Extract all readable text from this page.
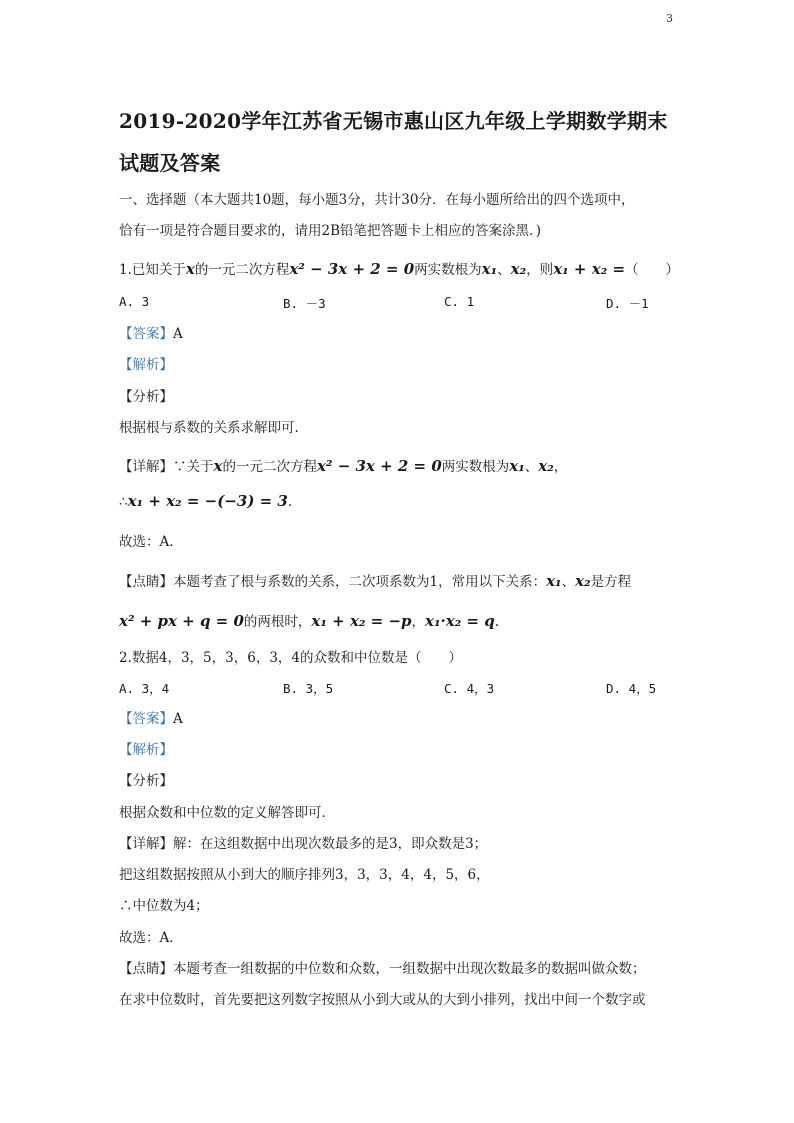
3
2019-2020学年江苏省无锡市惠山区九年级上学期数学期末试题及答案
一、选择题（本大题共10题，每小题3分，共计30分．在每小题所给出的四个选项中，
恰有一项是符合题目要求的，请用2B铅笔把答题卡上相应的答案涂黑．)
1.已知关于x的一元二次方程x² − 3x + 2 = 0两实数根为x₁、x₂，则x₁ + x₂ =（　　）
A. 3	B. －3	C. 1	D. －1
【答案】A
【解析】
【分析】
根据根与系数的关系求解即可.
【详解】∵关于x的一元二次方程x² − 3x + 2 = 0两实数根为x₁、x₂，
∴x₁ + x₂ = −(−3) = 3.
故选：A.
【点睛】本题考查了根与系数的关系，二次项系数为1，常用以下关系：x₁、x₂是方程
x² + px + q = 0的两根时，x₁ + x₂ = −p，x₁·x₂ = q.
2.数据4，3，5，3，6，3，4的众数和中位数是（　　）
A. 3，4	B. 3，5	C. 4，3	D. 4，5
【答案】A
【解析】
【分析】
根据众数和中位数的定义解答即可．
【详解】解：在这组数据中出现次数最多的是3，即众数是3；
把这组数据按照从小到大的顺序排列3，3，3，4，4，5，6，
∴中位数为4；
故选：A．
【点睛】本题考查一组数据的中位数和众数，一组数据中出现次数最多的数据叫做众数；
在求中位数时，首先要把这列数字按照从小到大或从的大到小排列，找出中间一个数字或
